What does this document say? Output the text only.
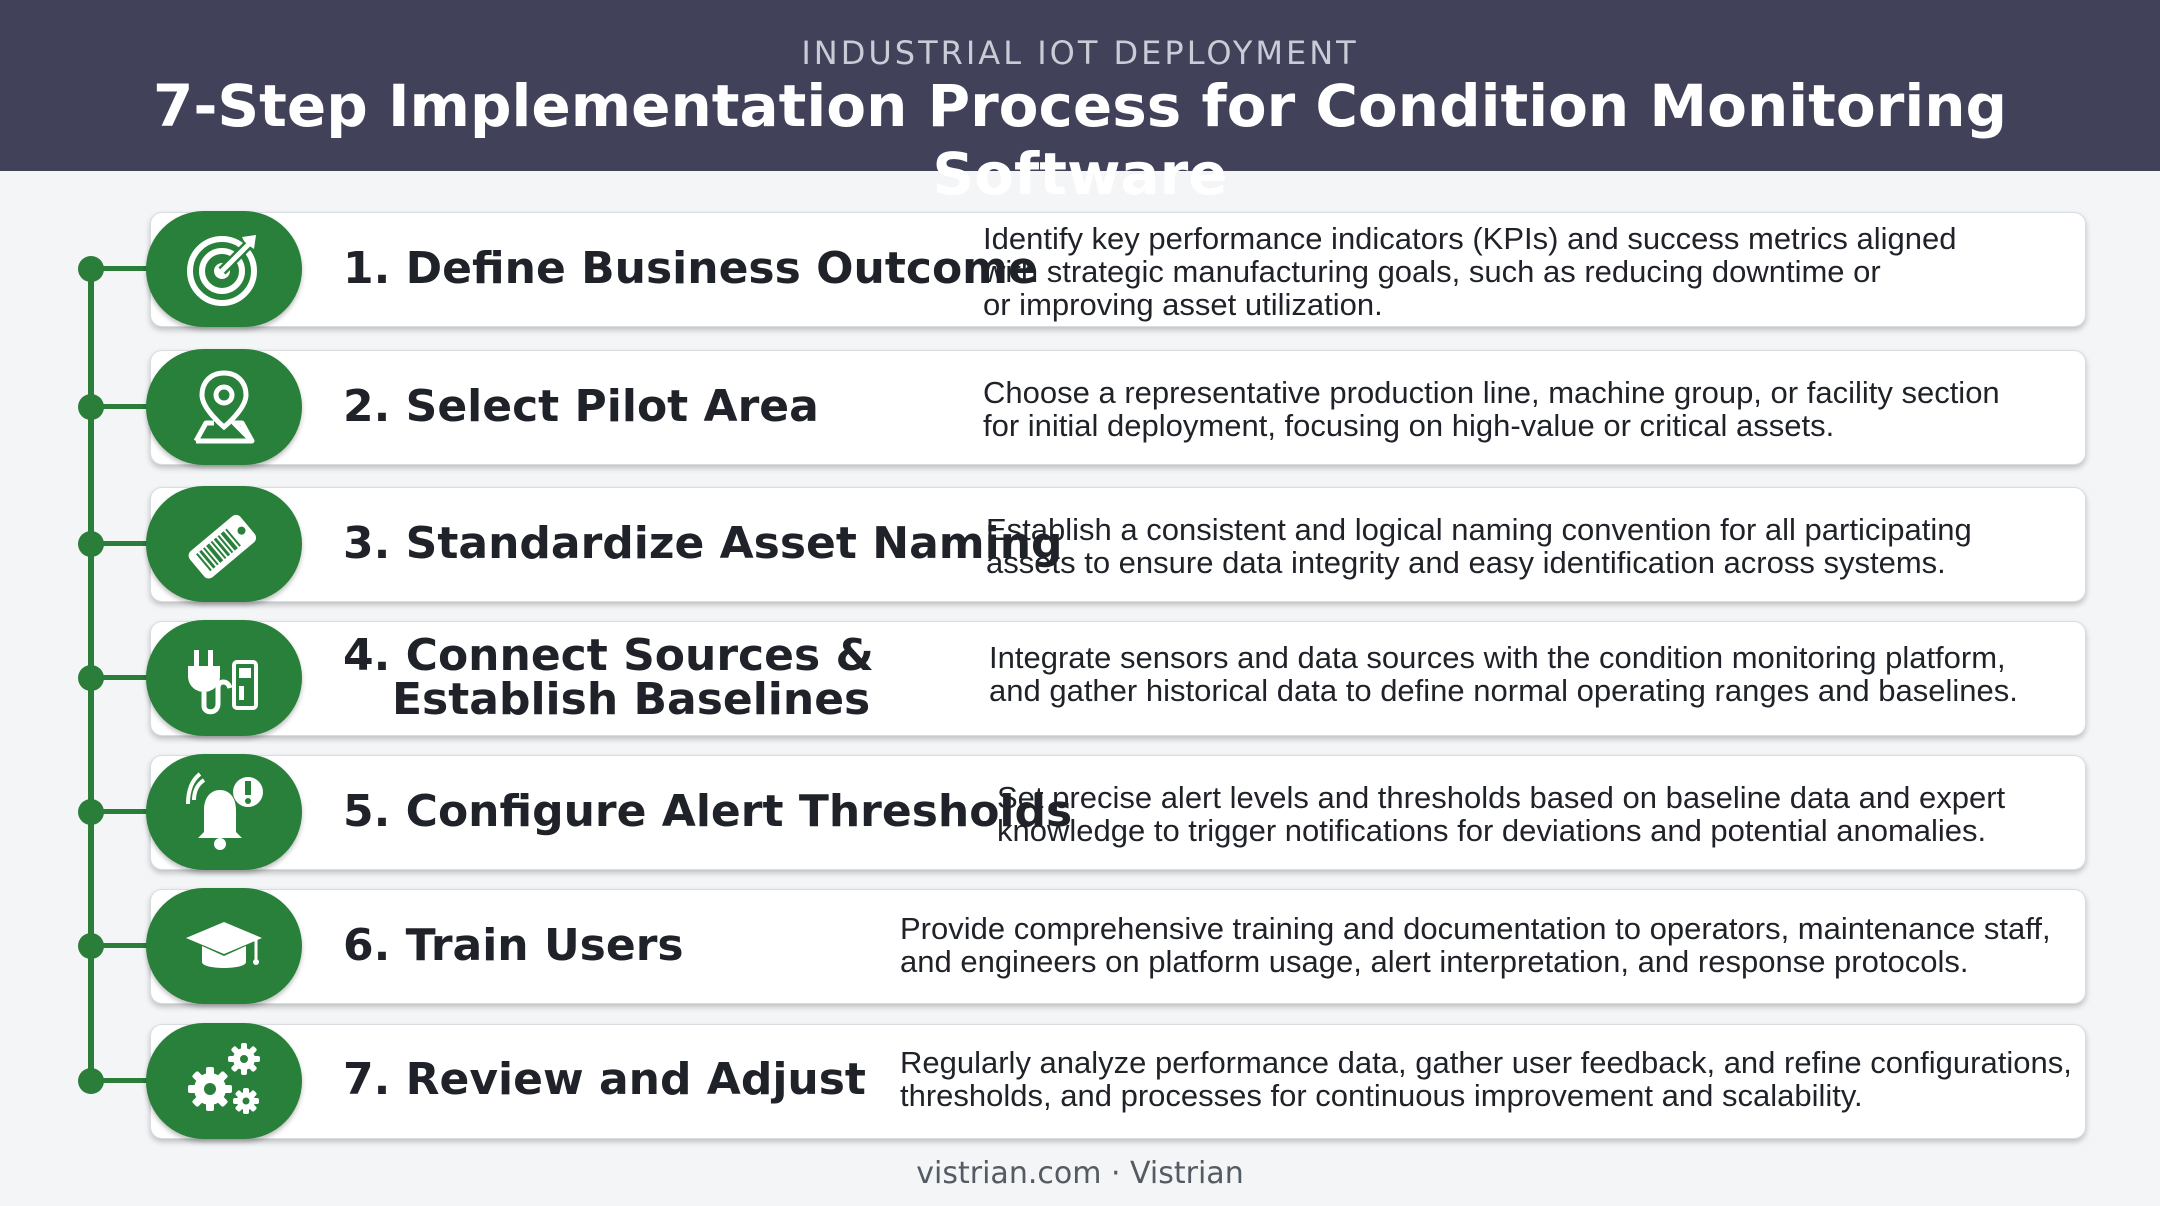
INDUSTRIAL IOT DEPLOYMENT
7-Step Implementation Process for Condition Monitoring Software
1. Define Business Outcome
Identify key performance indicators (KPIs) and success metrics aligned
with strategic manufacturing goals, such as reducing downtime or
or improving asset utilization.
2. Select Pilot Area	Choose a representative production line, machine group, or facility section
for initial deployment, focusing on high-value or critical assets.
3. Standardize Asset Naming
Establish a consistent and logical naming convention for all participating
assets to ensure data integrity and easy identification across systems.
4. Connect Sources &
Establish Baselines
Integrate sensors and data sources with the condition monitoring platform,
and gather historical data to define normal operating ranges and baselines.
5. Configure Alert Thresholds
Set precise alert levels and thresholds based on baseline data and expert
knowledge to trigger notifications for deviations and potential anomalies.
6. Train Users	Provide comprehensive training and documentation to operators, maintenance staff,
and engineers on platform usage, alert interpretation, and response protocols.
7. Review and Adjust Regularly analyze performance data, gather user feedback, and refine configurations,
thresholds, and processes for continuous improvement and scalability.
vistrian.com · Vistrian
